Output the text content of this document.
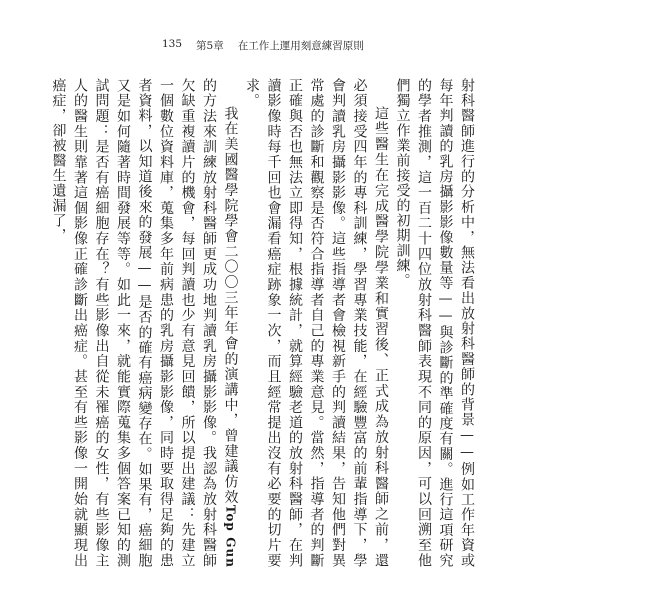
135 第5章 在工作上運用刻意練習原則

射科醫師進行的分析中，無法看出放射科醫師的背景——例如工作年資或每年判讀的乳房攝影影像數量等——與診斷的準確度有關。進行這項研究的學者推測，這一百二十四位放射科醫師表現不同的原因，可以回溯至他們獨立作業前接受的初期訓練。

這些醫生在完成醫學院學業和實習後、正式成為放射科醫師之前，還必須接受四年的專科訓練，學習專業技能，在經驗豐富的前輩指導下，學會判讀乳房攝影影像。這些指導者會檢視新手的判讀結果，告知他們對異常處的診斷和觀察是否符合指導者自己的專業意見。當然，指導者的判斷正確與否也無法立即得知，根據統計，就算經驗老道的放射科醫師，在判讀影像時每千回也會漏看癌症跡象一次，而且經常提出沒有必要的切片要求。

我在美國醫學院學會二〇〇三年年會的演講中，曾建議仿效Top Gun的方法來訓練放射科醫師更成功地判讀乳房攝影影像。我認為放射科醫師欠缺重複讀片的機會，每回判讀也少有意見回饋，所以提出建議：先建立一個數位資料庫，蒐集多年前病患的乳房攝影影像，同時要取得足夠的患者資料，以知道後來的發展——是否的確有癌病變存在。如果有，癌細胞又是如何隨著時間發展等等。如此一來，就能實際蒐集多個答案已知的測試問題：是否有癌細胞存在？有些影像出自從未罹癌的女性，有些影像主人的醫生則靠著這個影像正確診斷出癌症。甚至有些影像一開始就顯現出癌症，卻被醫生遺漏了，
